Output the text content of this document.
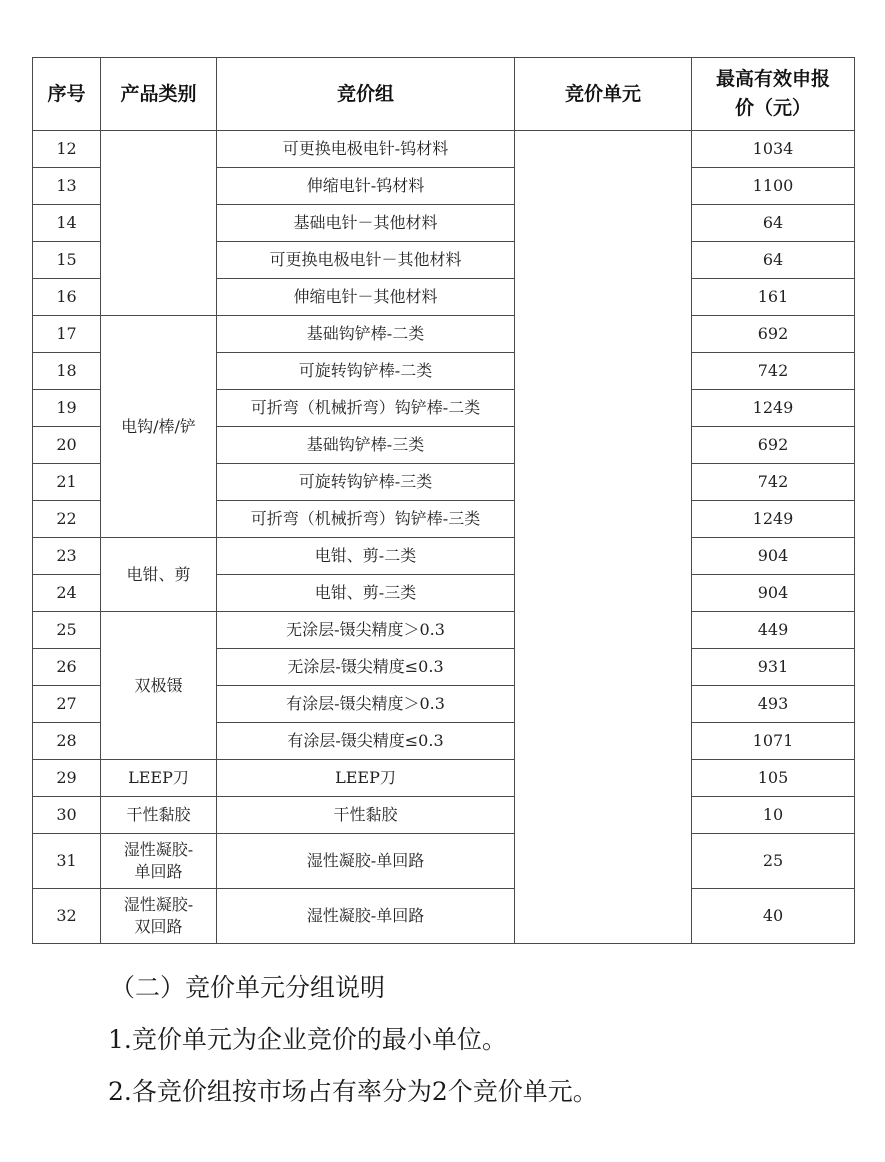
序号	产品类别	竞价组	竞价单元	最高有效申报
价（元）

12		可更换电极电针-钨材料		1034
13		伸缩电针-钨材料		1100
14		基础电针－其他材料		64
15		可更换电极电针－其他材料		64
16		伸缩电针－其他材料		161
17	电钩/棒/铲	基础钩铲棒-二类		692
18		可旋转钩铲棒-二类		742
19		可折弯（机械折弯）钩铲棒-二类		1249
20		基础钩铲棒-三类		692
21		可旋转钩铲棒-三类		742
22		可折弯（机械折弯）钩铲棒-三类		1249
23	电钳、剪	电钳、剪-二类		904
24		电钳、剪-三类		904
25	双极镊	无涂层-镊尖精度＞0.3		449
26		无涂层-镊尖精度≤0.3		931
27		有涂层-镊尖精度＞0.3		493
28		有涂层-镊尖精度≤0.3		1071
29	LEEP刀	LEEP刀		105
30	干性黏胶	干性黏胶		10
31	湿性凝胶-
单回路	湿性凝胶-单回路		25
32	湿性凝胶-
双回路	湿性凝胶-单回路		40
（二）竞价单元分组说明
1.竞价单元为企业竞价的最小单位。
2.各竞价组按市场占有率分为2个竞价单元。
